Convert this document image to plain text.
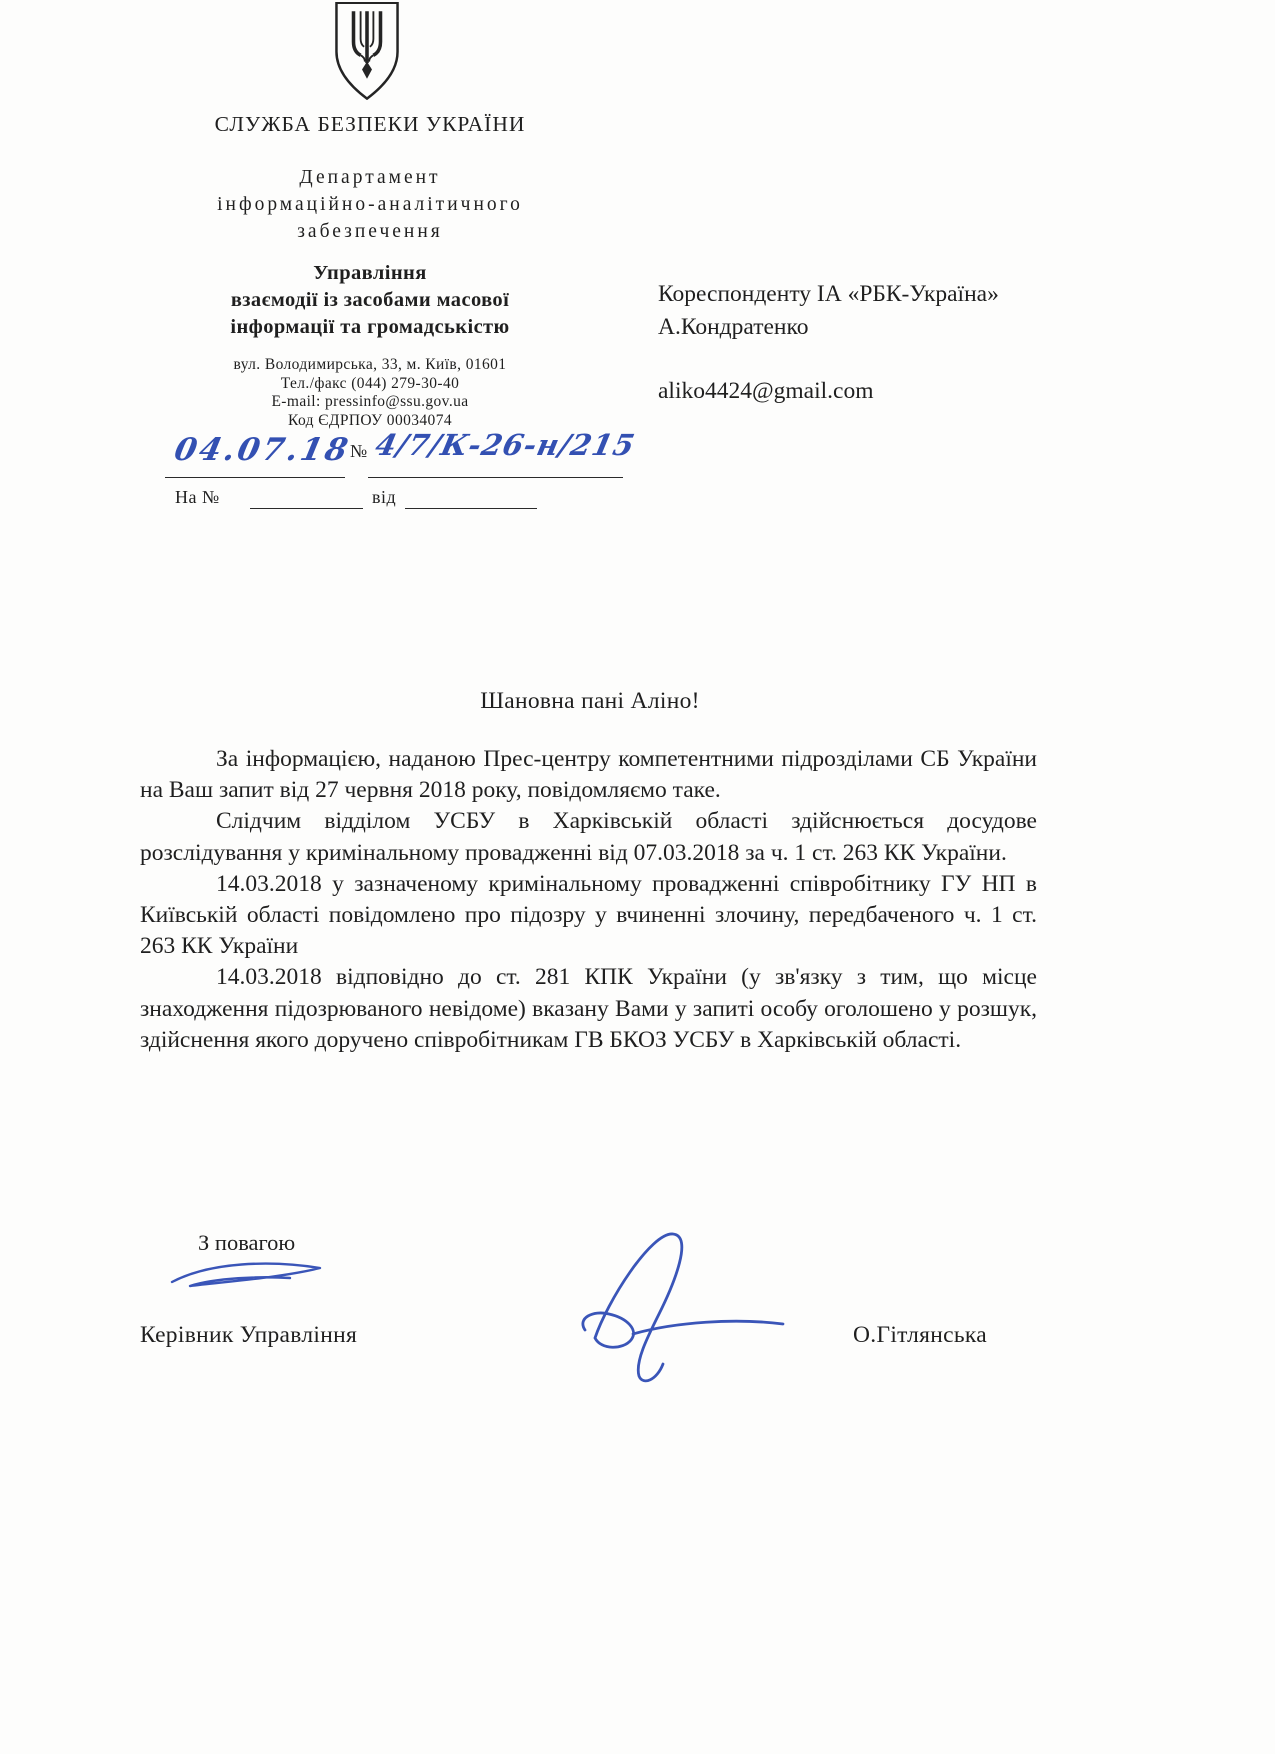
СЛУЖБА БЕЗПЕКИ УКРАЇНИ
Департамент
інформаційно-аналітичного
забезпечення
Управління
взаємодії із засобами масової
інформації та громадськістю
вул. Володимирська, 33, м. Київ, 01601
Тел./факс (044) 279-30-40
E-mail: pressinfo@ssu.gov.ua
Код ЄДРПОУ 00034074
04.07.18
№ 4/7/К-26-н/215
На №	від
Кореспонденту ІА «РБК-Україна»
А.Кондратенко
aliko4424@gmail.com
Шановна пані Аліно!

За інформацією, наданою Прес-центру компетентними підрозділами СБ України на Ваш запит від 27 червня 2018 року, повідомляємо таке.

Слідчим відділом УСБУ в Харківській області здійснюється досудове розслідування у кримінальному провадженні від 07.03.2018 за ч. 1 ст. 263 КК України.

14.03.2018 у зазначеному кримінальному провадженні співробітнику ГУ НП в Київській області повідомлено про підозру у вчиненні злочину, передбаченого ч. 1 ст. 263 КК України

14.03.2018 відповідно до ст. 281 КПК України (у зв'язку з тим, що місце знаходження підозрюваного невідоме) вказану Вами у запиті особу оголошено у розшук, здійснення якого доручено співробітникам ГВ БКОЗ УСБУ в Харківській області.

З повагою
Керівник Управління	О.Гітлянська
